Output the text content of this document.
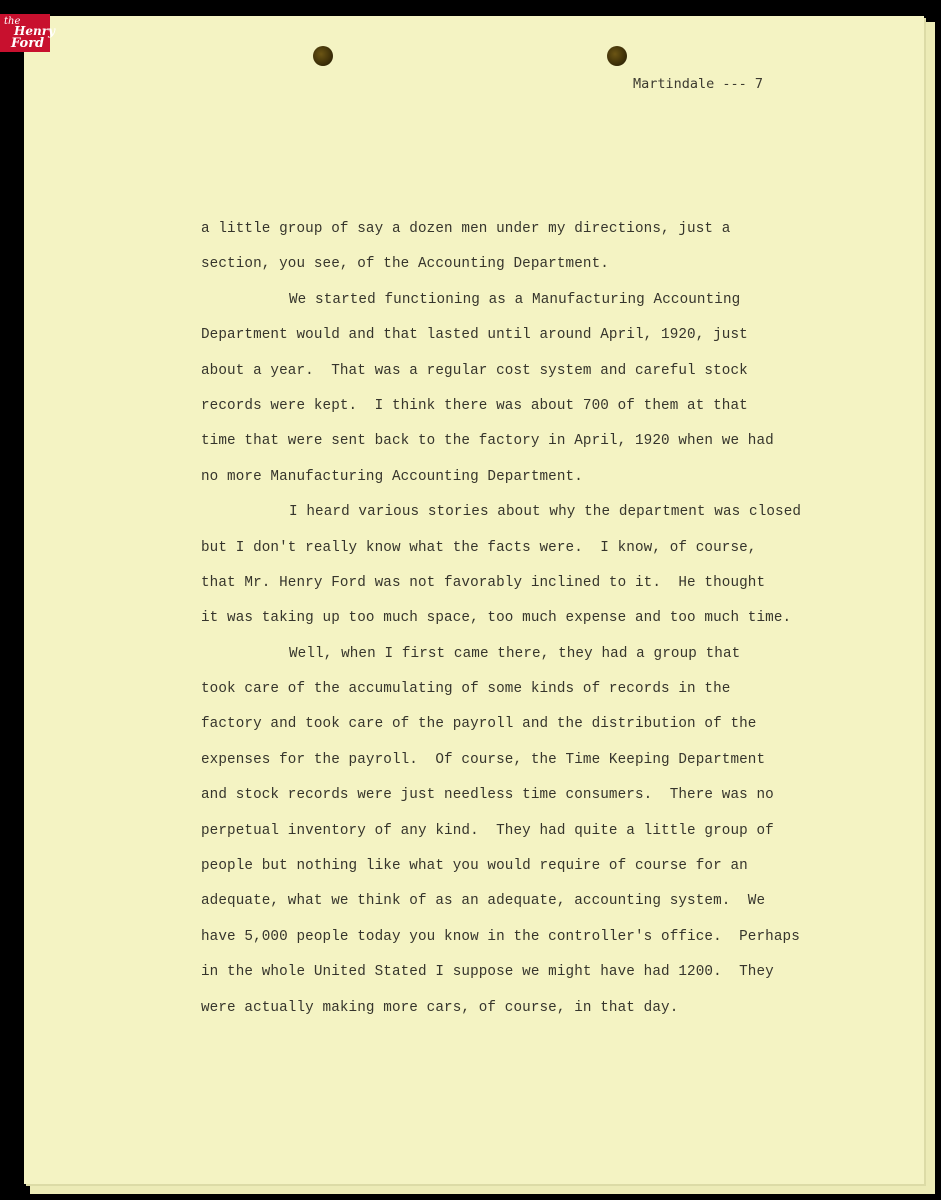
Martindale --- 7
a little group of say a dozen men under my directions, just a
section, you see, of the Accounting Department.
We started functioning as a Manufacturing Accounting
Department would and that lasted until around April, 1920, just
about a year.  That was a regular cost system and careful stock
records were kept.  I think there was about 700 of them at that
time that were sent back to the factory in April, 1920 when we had
no more Manufacturing Accounting Department.
I heard various stories about why the department was closed
but I don't really know what the facts were.  I know, of course,
that Mr. Henry Ford was not favorably inclined to it.  He thought
it was taking up too much space, too much expense and too much time.
Well, when I first came there, they had a group that
took care of the accumulating of some kinds of records in the
factory and took care of the payroll and the distribution of the
expenses for the payroll.  Of course, the Time Keeping Department
and stock records were just needless time consumers.  There was no
perpetual inventory of any kind.  They had quite a little group of
people but nothing like what you would require of course for an
adequate, what we think of as an adequate, accounting system.  We
have 5,000 people today you know in the controller's office.  Perhaps
in the whole United Stated I suppose we might have had 1200.  They
were actually making more cars, of course, in that day.
the
Henry
Ford
